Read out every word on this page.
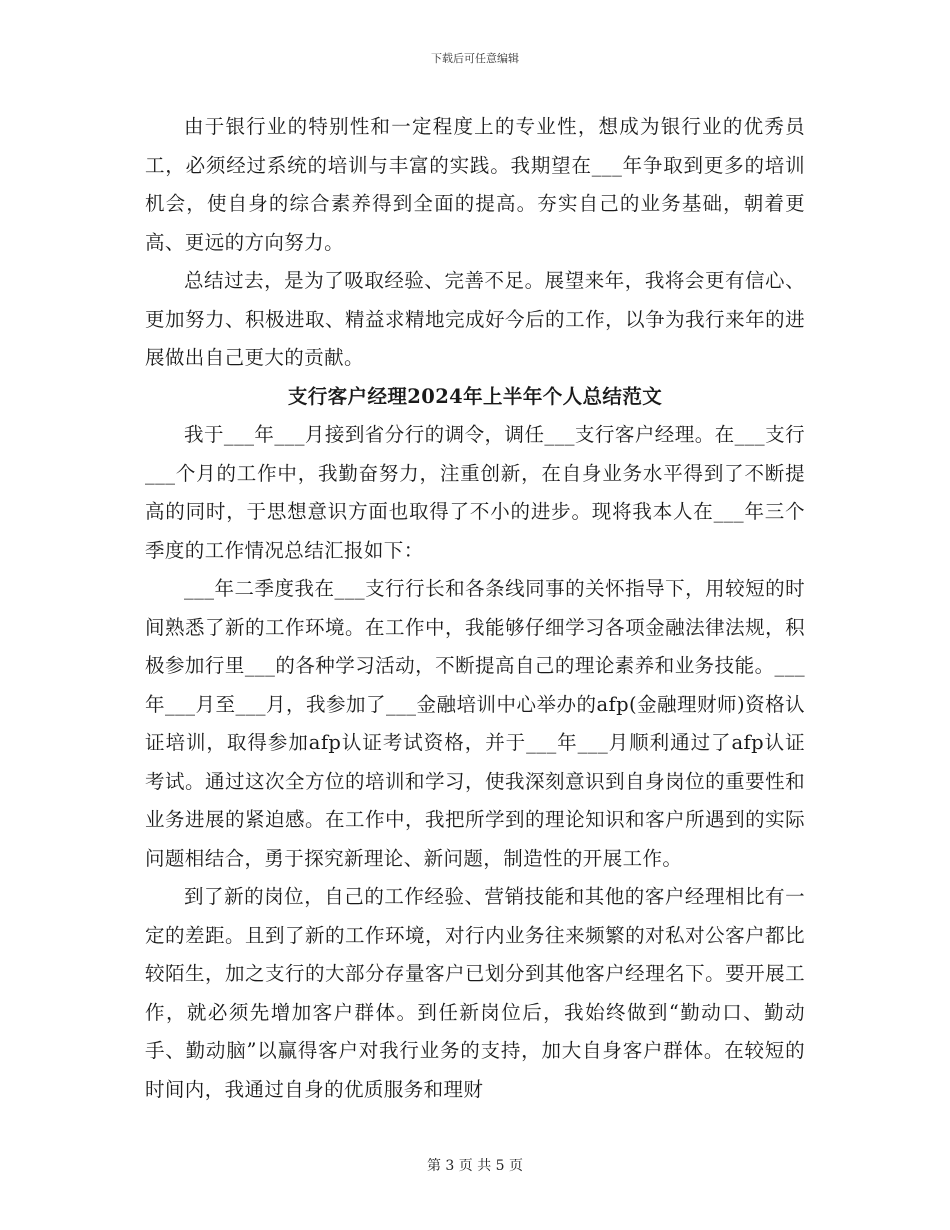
下载后可任意编辑

由于银行业的特别性和一定程度上的专业性，想成为银行业的优秀员工，必须经过系统的培训与丰富的实践。我期望在___年争取到更多的培训机会，使自身的综合素养得到全面的提高。夯实自己的业务基础，朝着更高、更远的方向努力。

总结过去，是为了吸取经验、完善不足。展望来年，我将会更有信心、更加努力、积极进取、精益求精地完成好今后的工作，以争为我行来年的进展做出自己更大的贡献。

支行客户经理2024年上半年个人总结范文

我于___年___月接到省分行的调令，调任___支行客户经理。在___支行___个月的工作中，我勤奋努力，注重创新，在自身业务水平得到了不断提高的同时，于思想意识方面也取得了不小的进步。现将我本人在___年三个季度的工作情况总结汇报如下：

___年二季度我在___支行行长和各条线同事的关怀指导下，用较短的时间熟悉了新的工作环境。在工作中，我能够仔细学习各项金融法律法规，积极参加行里___的各种学习活动，不断提高自己的理论素养和业务技能。___年___月至___月，我参加了___金融培训中心举办的afp(金融理财师)资格认证培训，取得参加afp认证考试资格，并于___年___月顺利通过了afp认证考试。通过这次全方位的培训和学习，使我深刻意识到自身岗位的重要性和业务进展的紧迫感。在工作中，我把所学到的理论知识和客户所遇到的实际问题相结合，勇于探究新理论、新问题，制造性的开展工作。

到了新的岗位，自己的工作经验、营销技能和其他的客户经理相比有一定的差距。且到了新的工作环境，对行内业务往来频繁的对私对公客户都比较陌生，加之支行的大部分存量客户已划分到其他客户经理名下。要开展工作，就必须先增加客户群体。到任新岗位后，我始终做到“勤动口、勤动手、勤动脑”以赢得客户对我行业务的支持，加大自身客户群体。在较短的时间内，我通过自身的优质服务和理财

第 3 页 共 5 页
